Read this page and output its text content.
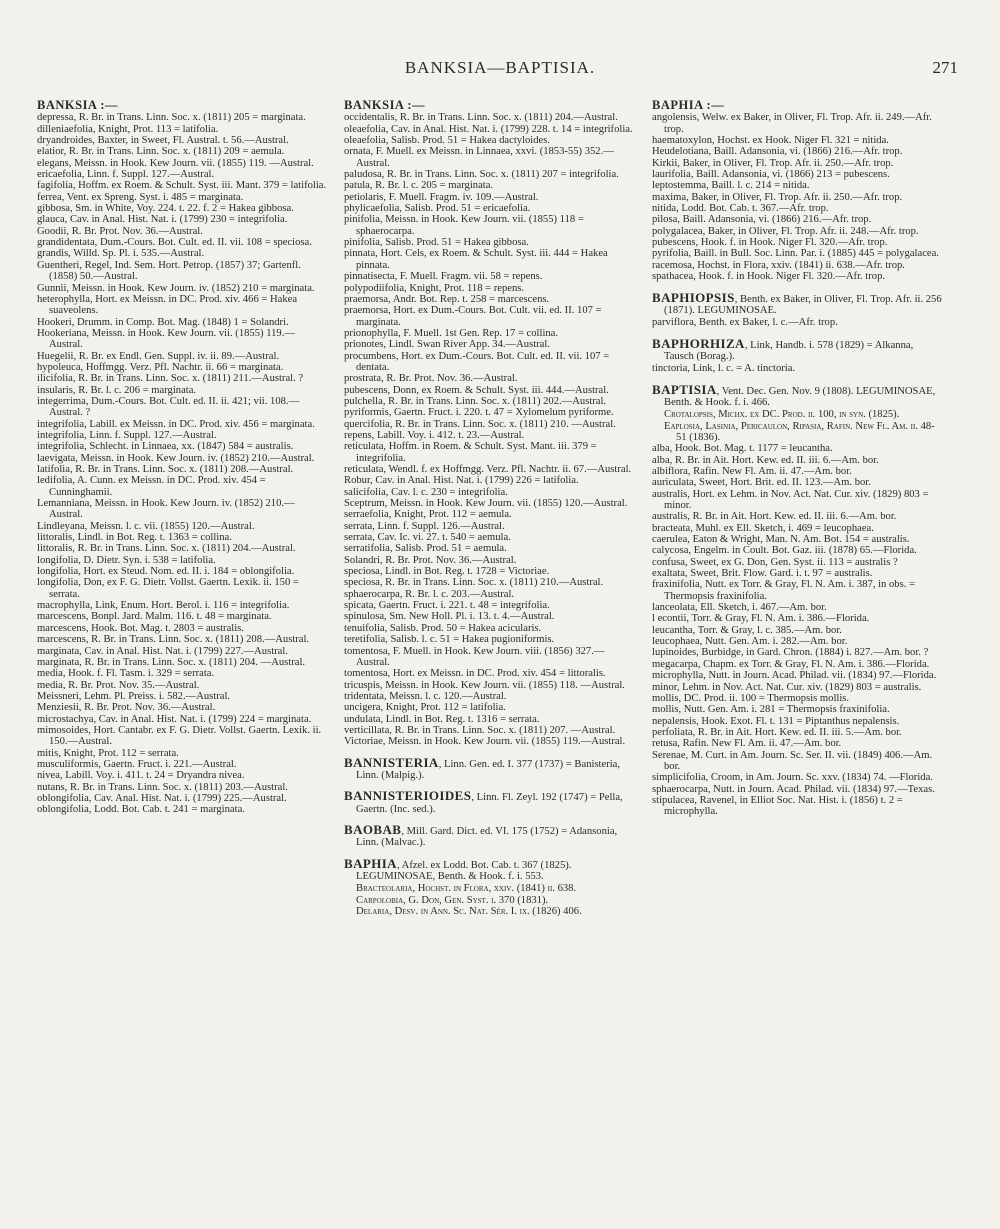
BANKSIA—BAPTISIA.	271
BANKSIA :—

depressa, R. Br. in Trans. Linn. Soc. x. (1811) 205 = marginata.

dilleniaefolia, Knight, Prot. 113 = latifolia.

dryandroides, Baxter, in Sweet, Fl. Austral. t. 56.—Austral.

elatior, R. Br. in Trans. Linn. Soc. x. (1811) 209 = aemula.

elegans, Meissn. in Hook. Kew Journ. vii. (1855) 119. —Austral.

ericaefolia, Linn. f. Suppl. 127.—Austral.

fagifolia, Hoffm. ex Roem. & Schult. Syst. iii. Mant. 379 = latifolia.

ferrea, Vent. ex Spreng. Syst. i. 485 = marginata.

gibbosa, Sm. in White, Voy. 224. t. 22. f. 2 = Hakea gibbosa.

glauca, Cav. in Anal. Hist. Nat. i. (1799) 230 = integrifolia.

Goodii, R. Br. Prot. Nov. 36.—Austral.

grandidentata, Dum.-Cours. Bot. Cult. ed. II. vii. 108 = speciosa.

grandis, Willd. Sp. Pl. i. 535.—Austral.

Guentheri, Regel, Ind. Sem. Hort. Petrop. (1857) 37; Gartenfl. (1858) 50.—Austral.

Gunnii, Meissn. in Hook. Kew Journ. iv. (1852) 210 = marginata.

heterophylla, Hort. ex Meissn. in DC. Prod. xiv. 466 = Hakea suaveolens.

Hookeri, Drumm. in Comp. Bot. Mag. (1848) 1 = Solandri.

Hookeriana, Meissn. in Hook. Kew Journ. vii. (1855) 119.—Austral.

Huegelii, R. Br. ex Endl. Gen. Suppl. iv. ii. 89.—Austral.

hypoleuca, Hoffmgg. Verz. Pfl. Nachtr. ii. 66 = marginata.

ilicifolia, R. Br. in Trans. Linn. Soc. x. (1811) 211.—Austral. ?

insularis, R. Br. l. c. 206 = marginata.

integerrima, Dum.-Cours. Bot. Cult. ed. II. ii. 421; vii. 108.—Austral. ?

integrifolia, Labill. ex Meissn. in DC. Prod. xiv. 456 = marginata.

integrifolia, Linn. f. Suppl. 127.—Austral.

integrifolia, Schlecht. in Linnaea, xx. (1847) 584 = australis.

laevigata, Meissn. in Hook. Kew Journ. iv. (1852) 210.—Austral.

latifolia, R. Br. in Trans. Linn. Soc. x. (1811) 208.—Austral.

ledifolia, A. Cunn. ex Meissn. in DC. Prod. xiv. 454 = Cunninghamii.

Lemanniana, Meissn. in Hook. Kew Journ. iv. (1852) 210.—Austral.

Lindleyana, Meissn. l. c. vii. (1855) 120.—Austral.

littoralis, Lindl. in Bot. Reg. t. 1363 = collina.

littoralis, R. Br. in Trans. Linn. Soc. x. (1811) 204.—Austral.

longifolia, D. Dietr. Syn. i. 538 = latifolia.

longifolia, Hort. ex Steud. Nom. ed. II. i. 184 = oblongifolia.

longifolia, Don, ex F. G. Dietr. Vollst. Gaertn. Lexik. ii. 150 = serrata.

macrophylla, Link, Enum. Hort. Berol. i. 116 = integrifolia.

marcescens, Bonpl. Jard. Malm. 116. t. 48 = marginata.

marcescens, Hook. Bot. Mag. t. 2803 = australis.

marcescens, R. Br. in Trans. Linn. Soc. x. (1811) 208.—Austral.

marginata, Cav. in Anal. Hist. Nat. i. (1799) 227.—Austral.

marginata, R. Br. in Trans. Linn. Soc. x. (1811) 204. —Austral.

media, Hook. f. Fl. Tasm. i. 329 = serrata.

media, R. Br. Prot. Nov. 35.—Austral.

Meissneri, Lehm. Pl. Preiss. i. 582.—Austral.

Menziesii, R. Br. Prot. Nov. 36.—Austral.

microstachya, Cav. in Anal. Hist. Nat. i. (1799) 224 = marginata.

mimosoides, Hort. Cantabr. ex F. G. Dietr. Vollst. Gaertn. Lexik. ii. 150.—Austral.

mitis, Knight, Prot. 112 = serrata.

musculiformis, Gaertn. Fruct. i. 221.—Austral.

nivea, Labill. Voy. i. 411. t. 24 = Dryandra nivea.

nutans, R. Br. in Trans. Linn. Soc. x. (1811) 203.—Austral.

oblongifolia, Cav. Anal. Hist. Nat. i. (1799) 225.—Austral.

oblongifolia, Lodd. Bot. Cab. t. 241 = marginata.

BANKSIA :—

occidentalis, R. Br. in Trans. Linn. Soc. x. (1811) 204.—Austral.

oleaefolia, Cav. in Anal. Hist. Nat. i. (1799) 228. t. 14 = integrifolia.

oleaefolia, Salisb. Prod. 51 = Hakea dactyloides.

ornata, F. Muell. ex Meissn. in Linnaea, xxvi. (1853-55) 352.—Austral.

paludosa, R. Br. in Trans. Linn. Soc. x. (1811) 207 = integrifolia.

patula, R. Br. l. c. 205 = marginata.

petiolaris, F. Muell. Fragm. iv. 109.—Austral.

phylicaefolia, Salisb. Prod. 51 = ericaefolia.

pinifolia, Meissn. in Hook. Kew Journ. vii. (1855) 118 = sphaerocarpa.

pinifolia, Salisb. Prod. 51 = Hakea gibbosa.

pinnata, Hort. Cels, ex Roem. & Schult. Syst. iii. 444 = Hakea pinnata.

pinnatisecta, F. Muell. Fragm. vii. 58 = repens.

polypodiifolia, Knight, Prot. 118 = repens.

praemorsa, Andr. Bot. Rep. t. 258 = marcescens.

praemorsa, Hort. ex Dum.-Cours. Bot. Cult. vii. ed. II. 107 = marginata.

prionophylla, F. Muell. 1st Gen. Rep. 17 = collina.

prionotes, Lindl. Swan River App. 34.—Austral.

procumbens, Hort. ex Dum.-Cours. Bot. Cult. ed. II. vii. 107 = dentata.

prostrata, R. Br. Prot. Nov. 36.—Austral.

pubescens, Donn, ex Roem. & Schult. Syst. iii. 444.—Austral.

pulchella, R. Br. in Trans. Linn. Soc. x. (1811) 202.—Austral.

pyriformis, Gaertn. Fruct. i. 220. t. 47 = Xylomelum pyriforme.

quercifolia, R. Br. in Trans. Linn. Soc. x. (1811) 210. —Austral.

repens, Labill. Voy. i. 412. t. 23.—Austral.

reticulata, Hoffm. in Roem. & Schult. Syst. Mant. iii. 379 = integrifolia.

reticulata, Wendl. f. ex Hoffmgg. Verz. Pfl. Nachtr. ii. 67.—Austral.

Robur, Cav. in Anal. Hist. Nat. i. (1799) 226 = latifolia.

salicifolia, Cav. l. c. 230 = integrifolia.

Sceptrum, Meissn. in Hook. Kew Journ. vii. (1855) 120.—Austral.

serraefolia, Knight, Prot. 112 = aemula.

serrata, Linn. f. Suppl. 126.—Austral.

serrata, Cav. Ic. vi. 27. t. 540 = aemula.

serratifolia, Salisb. Prod. 51 = aemula.

Solandri, R. Br. Prot. Nov. 36.—Austral.

speciosa, Lindl. in Bot. Reg. t. 1728 = Victoriae.

speciosa, R. Br. in Trans. Linn. Soc. x. (1811) 210.—Austral.

sphaerocarpa, R. Br. l. c. 203.—Austral.

spicata, Gaertn. Fruct. i. 221. t. 48 = integrifolia.

spinulosa, Sm. New Holl. Pl. i. 13. t. 4.—Austral.

tenuifolia, Salisb. Prod. 50 = Hakea acicularis.

teretifolia, Salisb. l. c. 51 = Hakea pugioniformis.

tomentosa, F. Muell. in Hook. Kew Journ. viii. (1856) 327.—Austral.

tomentosa, Hort. ex Meissn. in DC. Prod. xiv. 454 = littoralis.

tricuspis, Meissn. in Hook. Kew Journ. vii. (1855) 118. —Austral.

tridentata, Meissn. l. c. 120.—Austral.

uncigera, Knight, Prot. 112 = latifolia.

undulata, Lindl. in Bot. Reg. t. 1316 = serrata.

verticillata, R. Br. in Trans. Linn. Soc. x. (1811) 207. —Austral.

Victoriae, Meissn. in Hook. Kew Journ. vii. (1855) 119.—Austral.

BANNISTERIA, Linn. Gen. ed. I. 377 (1737) = Banisteria, Linn. (Malpig.).

BANNISTERIOIDES, Linn. Fl. Zeyl. 192 (1747) = Pella, Gaertn. (Inc. sed.).

BAOBAB, Mill. Gard. Dict. ed. VI. 175 (1752) = Adansonia, Linn. (Malvac.).

BAPHIA, Afzel. ex Lodd. Bot. Cab. t. 367 (1825). LEGUMINOSAE, Benth. & Hook. f. i. 553.

Bracteolaria, Hochst. in Flora, xxiv. (1841) ii. 638.

Carpolobia, G. Don, Gen. Syst. i. 370 (1831).

Delaria, Desv. in Ann. Sc. Nat. Sér. I. ix. (1826) 406.

BAPHIA :—

angolensis, Welw. ex Baker, in Oliver, Fl. Trop. Afr. ii. 249.—Afr. trop.

haematoxylon, Hochst. ex Hook. Niger Fl. 321 = nitida.

Heudelotiana, Baill. Adansonia, vi. (1866) 216.—Afr. trop.

Kirkii, Baker, in Oliver, Fl. Trop. Afr. ii. 250.—Afr. trop.

laurifolia, Baill. Adansonia, vi. (1866) 213 = pubescens.

leptostemma, Baill. l. c. 214 = nitida.

maxima, Baker, in Oliver, Fl. Trop. Afr. ii. 250.—Afr. trop.

nitida, Lodd. Bot. Cab. t. 367.—Afr. trop.

pilosa, Baill. Adansonia, vi. (1866) 216.—Afr. trop.

polygalacea, Baker, in Oliver, Fl. Trop. Afr. ii. 248.—Afr. trop.

pubescens, Hook. f. in Hook. Niger Fl. 320.—Afr. trop.

pyrifolia, Baill. in Bull. Soc. Linn. Par. i. (1885) 445 = polygalacea.

racemosa, Hochst. in Flora, xxiv. (1841) ii. 638.—Afr. trop.

spathacea, Hook. f. in Hook. Niger Fl. 320.—Afr. trop.

BAPHIOPSIS, Benth. ex Baker, in Oliver, Fl. Trop. Afr. ii. 256 (1871). LEGUMINOSAE.

parviflora, Benth. ex Baker, l. c.—Afr. trop.

BAPHORHIZA, Link, Handb. i. 578 (1829) = Alkanna, Tausch (Borag.).

tinctoria, Link, l. c. = A. tinctoria.

BAPTISIA, Vent. Dec. Gen. Nov. 9 (1808). LEGUMINOSAE, Benth. & Hook. f. i. 466.

Crotalopsis, Michx. ex DC. Prod. ii. 100, in syn. (1825).

Eaplosia, Lasinia, Pericaulon, Ripasia, Rafin. New Fl. Am. ii. 48-51 (1836).

alba, Hook. Bot. Mag. t. 1177 = leucantha.

alba, R. Br. in Ait. Hort. Kew. ed. II. iii. 6.—Am. bor.

albiflora, Rafin. New Fl. Am. ii. 47.—Am. bor.

auriculata, Sweet, Hort. Brit. ed. II. 123.—Am. bor.

australis, Hort. ex Lehm. in Nov. Act. Nat. Cur. xiv. (1829) 803 = minor.

australis, R. Br. in Ait. Hort. Kew. ed. II. iii. 6.—Am. bor.

bracteata, Muhl. ex Ell. Sketch, i. 469 = leucophaea.

caerulea, Eaton & Wright, Man. N. Am. Bot. 154 = australis.

calycosa, Engelm. in Coult. Bot. Gaz. iii. (1878) 65.—Florida.

confusa, Sweet, ex G. Don, Gen. Syst. ii. 113 = australis ?

exaltata, Sweet, Brit. Flow. Gard. i. t. 97 = australis.

fraxinifolia, Nutt. ex Torr. & Gray, Fl. N. Am. i. 387, in obs. = Thermopsis fraxinifolia.

lanceolata, Ell. Sketch, i. 467.—Am. bor.

l econtii, Torr. & Gray, Fl. N. Am. i. 386.—Florida.

leucantha, Torr. & Gray, l. c. 385.—Am. bor.

leucophaea, Nutt. Gen. Am. i. 282.—Am. bor.

lupinoides, Burbidge, in Gard. Chron. (1884) i. 827.—Am. bor. ?

megacarpa, Chapm. ex Torr. & Gray, Fl. N. Am. i. 386.—Florida.

microphylla, Nutt. in Journ. Acad. Philad. vii. (1834) 97.—Florida.

minor, Lehm. in Nov. Act. Nat. Cur. xiv. (1829) 803 = australis.

mollis, DC. Prod. ii. 100 = Thermopsis mollis.

mollis, Nutt. Gen. Am. i. 281 = Thermopsis fraxinifolia.

nepalensis, Hook. Exot. Fl. t. 131 = Piptanthus nepalensis.

perfoliata, R. Br. in Ait. Hort. Kew. ed. II. iii. 5.—Am. bor.

retusa, Rafin. New Fl. Am. ii. 47.—Am. bor.

Serenae, M. Curt. in Am. Journ. Sc. Ser. II. vii. (1849) 406.—Am. bor.

simplicifolia, Croom, in Am. Journ. Sc. xxv. (1834) 74. —Florida.

sphaerocarpa, Nutt. in Journ. Acad. Philad. vii. (1834) 97.—Texas.

stipulacea, Ravenel, in Elliot Soc. Nat. Hist. i. (1856) t. 2 = microphylla.
